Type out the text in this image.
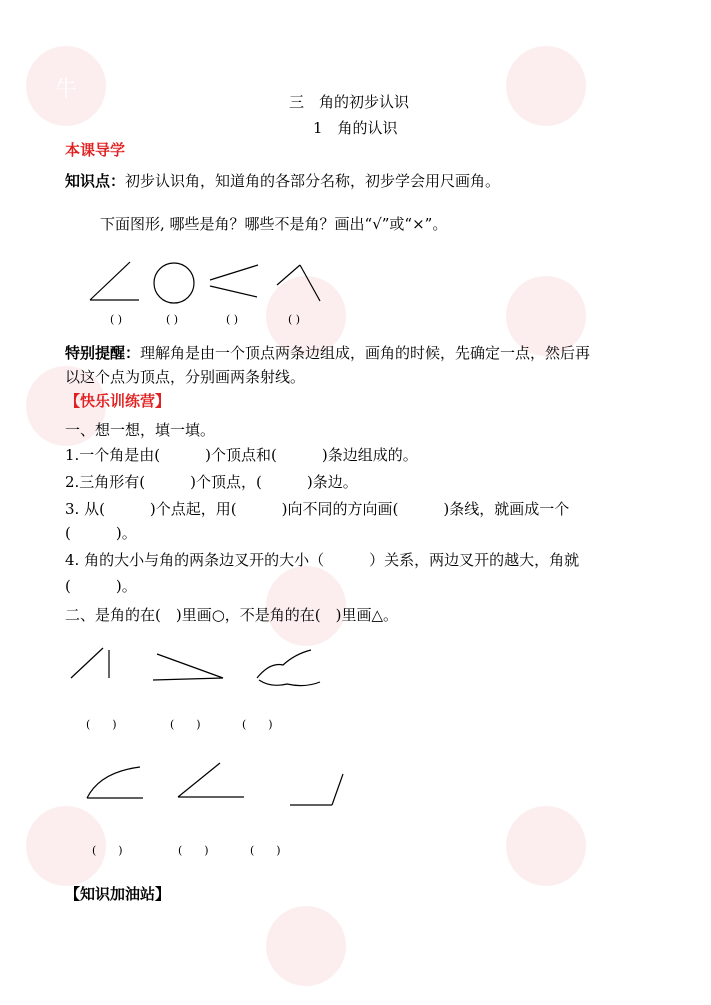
牛	三　角的初步认识
1　角的认识
本课导学
知识点：初步认识角，知道角的各部分名称，初步学会用尺画角。
下面图形, 哪些是角？哪些不是角？画出“√”或“×”。
( )	( )	( )	( )
特别提醒：理解角是由一个顶点两条边组成，画角的时候，先确定一点，然后再
以这个点为顶点，分别画两条射线。
【快乐训练营】
一、想一想，填一填。
1.一个角是由(　　　)个顶点和(　　　)条边组成的。
2.三角形有(　　　)个顶点，(　　　)条边。
3. 从(　　　)个点起，用(　　　)向不同的方向画(　　　)条线，就画成一个
(　　　)。
4. 角的大小与角的两条边叉开的大小（　　　）关系，两边叉开的越大，角就
(　　　)。
二、是角的在(　)里画○，不是角的在(　)里画△。
(　　)	(　　)	(　　)
(　　)	(　　)	(　　)
【知识加油站】
